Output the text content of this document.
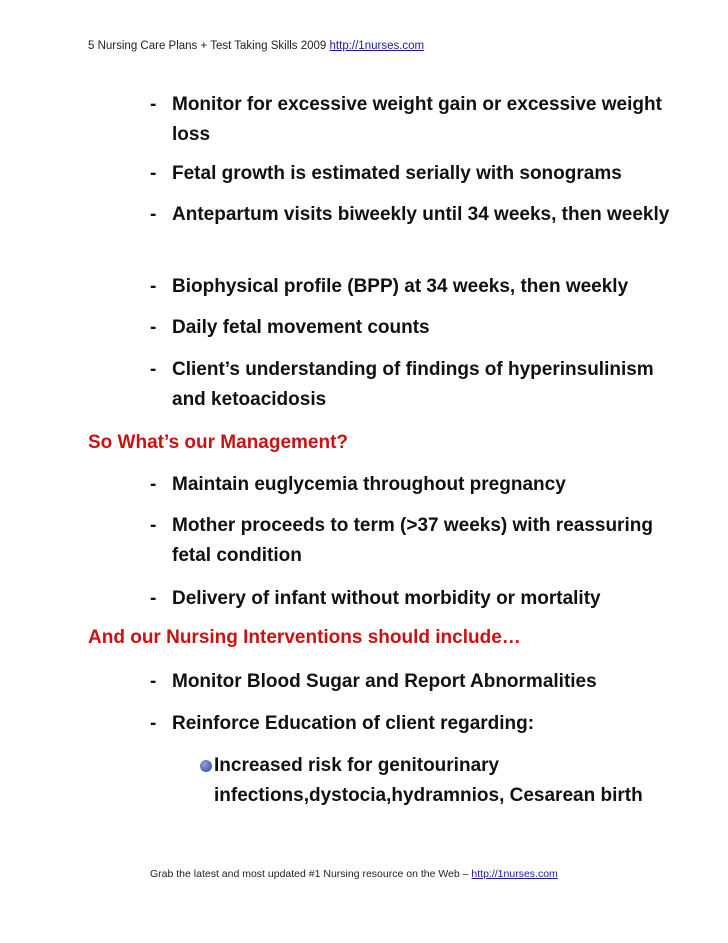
5 Nursing Care Plans + Test Taking Skills 2009 http://1nurses.com
- Monitor for excessive weight gain or excessive weight loss
- Fetal growth is estimated serially with sonograms
- Antepartum visits biweekly until 34 weeks, then weekly
- Biophysical profile (BPP) at 34 weeks, then weekly
- Daily fetal movement counts
- Client’s understanding of findings of hyperinsulinism and ketoacidosis
So What’s our Management?
- Maintain euglycemia throughout pregnancy
- Mother proceeds to term (>37 weeks) with reassuring fetal condition
- Delivery of infant without morbidity or mortality
And our Nursing Interventions should include…
- Monitor Blood Sugar and Report Abnormalities
- Reinforce Education of client regarding:
Increased risk for genitourinary infections,dystocia,hydramnios, Cesarean birth
Grab the latest and most updated #1 Nursing resource on the Web – http://1nurses.com
